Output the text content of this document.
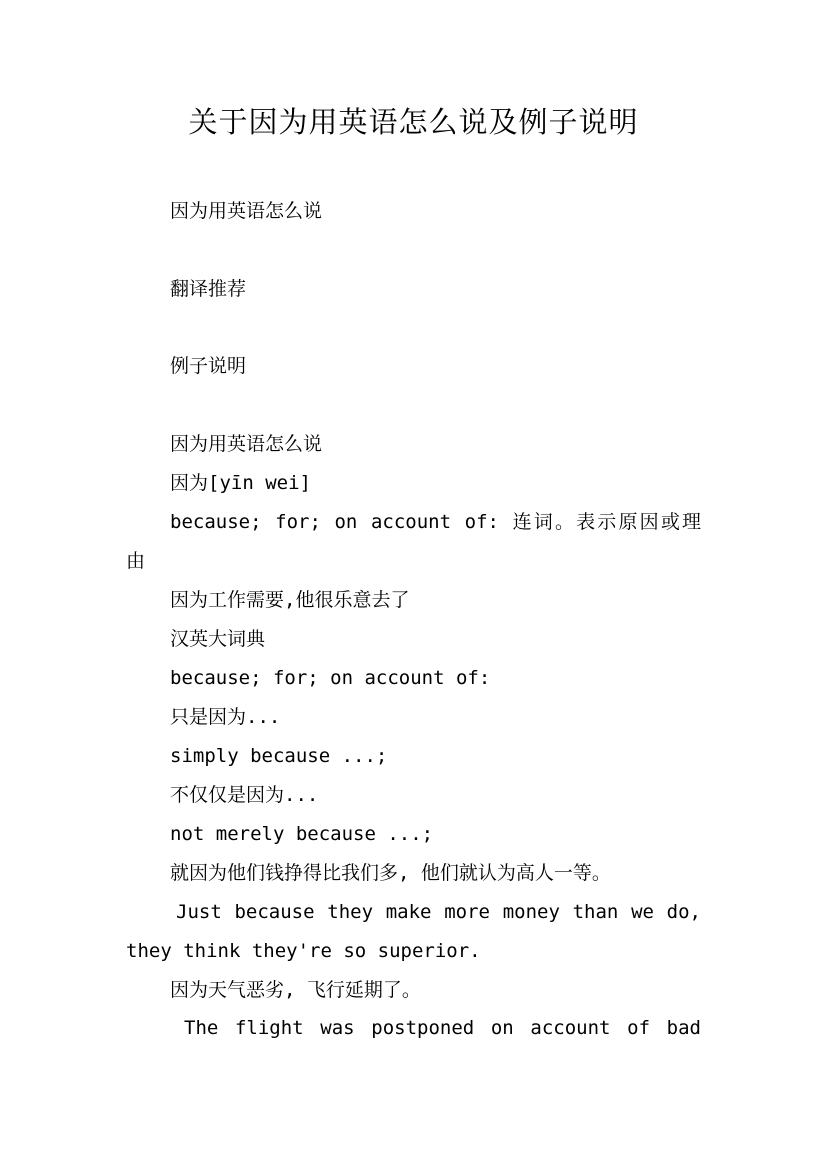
关于因为用英语怎么说及例子说明
因为用英语怎么说
翻译推荐
例子说明
因为用英语怎么说
因为[yīn wei]
because; for; on account of: 连词。表示原因或理
由
因为工作需要,他很乐意去了
汉英大词典
because; for; on account of:
只是因为...
simply because ...;
不仅仅是因为...
not merely because ...;
就因为他们钱挣得比我们多, 他们就认为高人一等。
Just because they make more money than we do,
they think they're so superior.
因为天气恶劣, 飞行延期了。
The flight was postponed on account of bad
